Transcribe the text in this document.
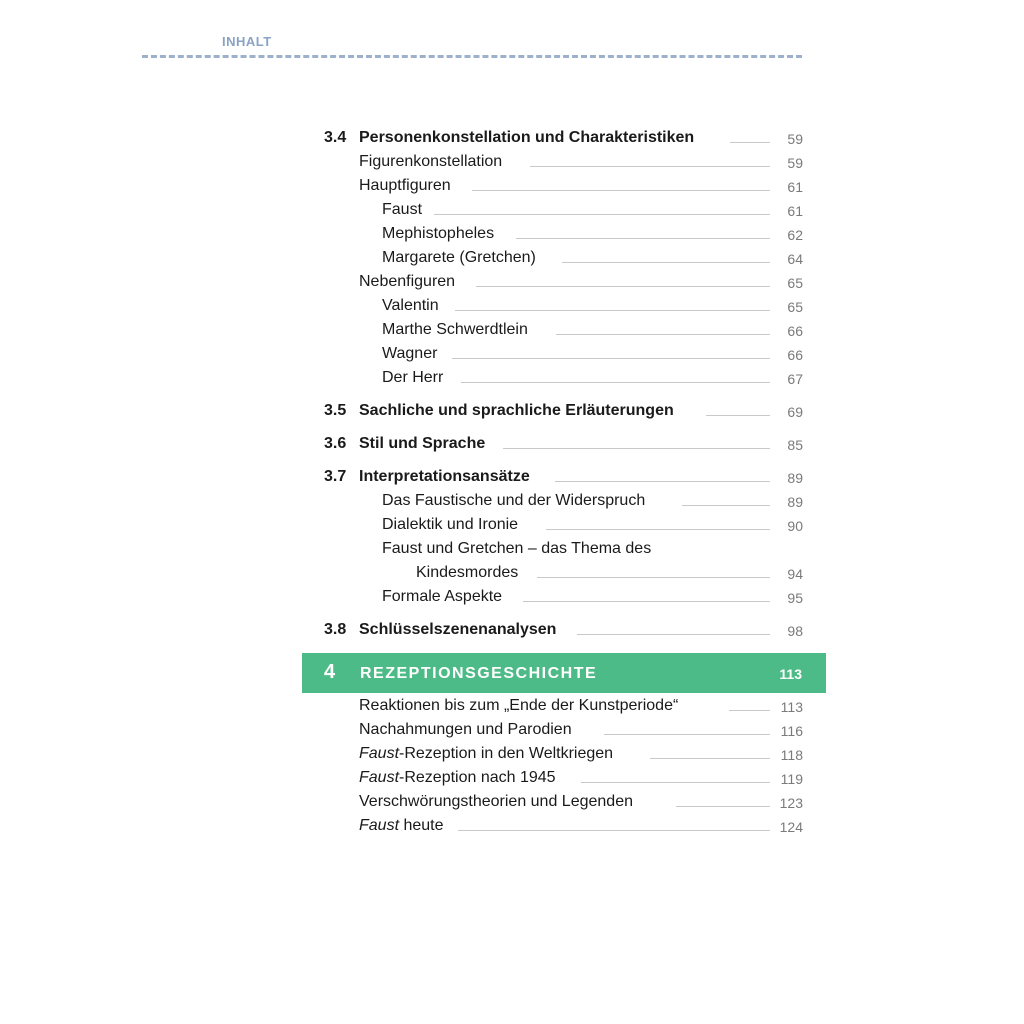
INHALT
3.4 Personenkonstellation und Charakteristiken	59
Figurenkonstellation	59
Hauptfiguren	61
Faust	61
Mephistopheles	62
Margarete (Gretchen)	64
Nebenfiguren	65
Valentin	65
Marthe Schwerdtlein	66
Wagner	66
Der Herr	67
3.5 Sachliche und sprachliche Erläuterungen	69
3.6 Stil und Sprache	85
3.7 Interpretationsansätze	89
Das Faustische und der Widerspruch	89
Dialektik und Ironie	90
Faust und Gretchen – das Thema des
Kindesmordes	94
Formale Aspekte	95
3.8 Schlüsselszenenanalysen	98
4 REZEPTIONSGESCHICHTE	113
Reaktionen bis zum „Ende der Kunstperiode“	113
Nachahmungen und Parodien	116
Faust-Rezeption in den Weltkriegen	118
Faust-Rezeption nach 1945	119
Verschwörungstheorien und Legenden	123
Faust heute	124
